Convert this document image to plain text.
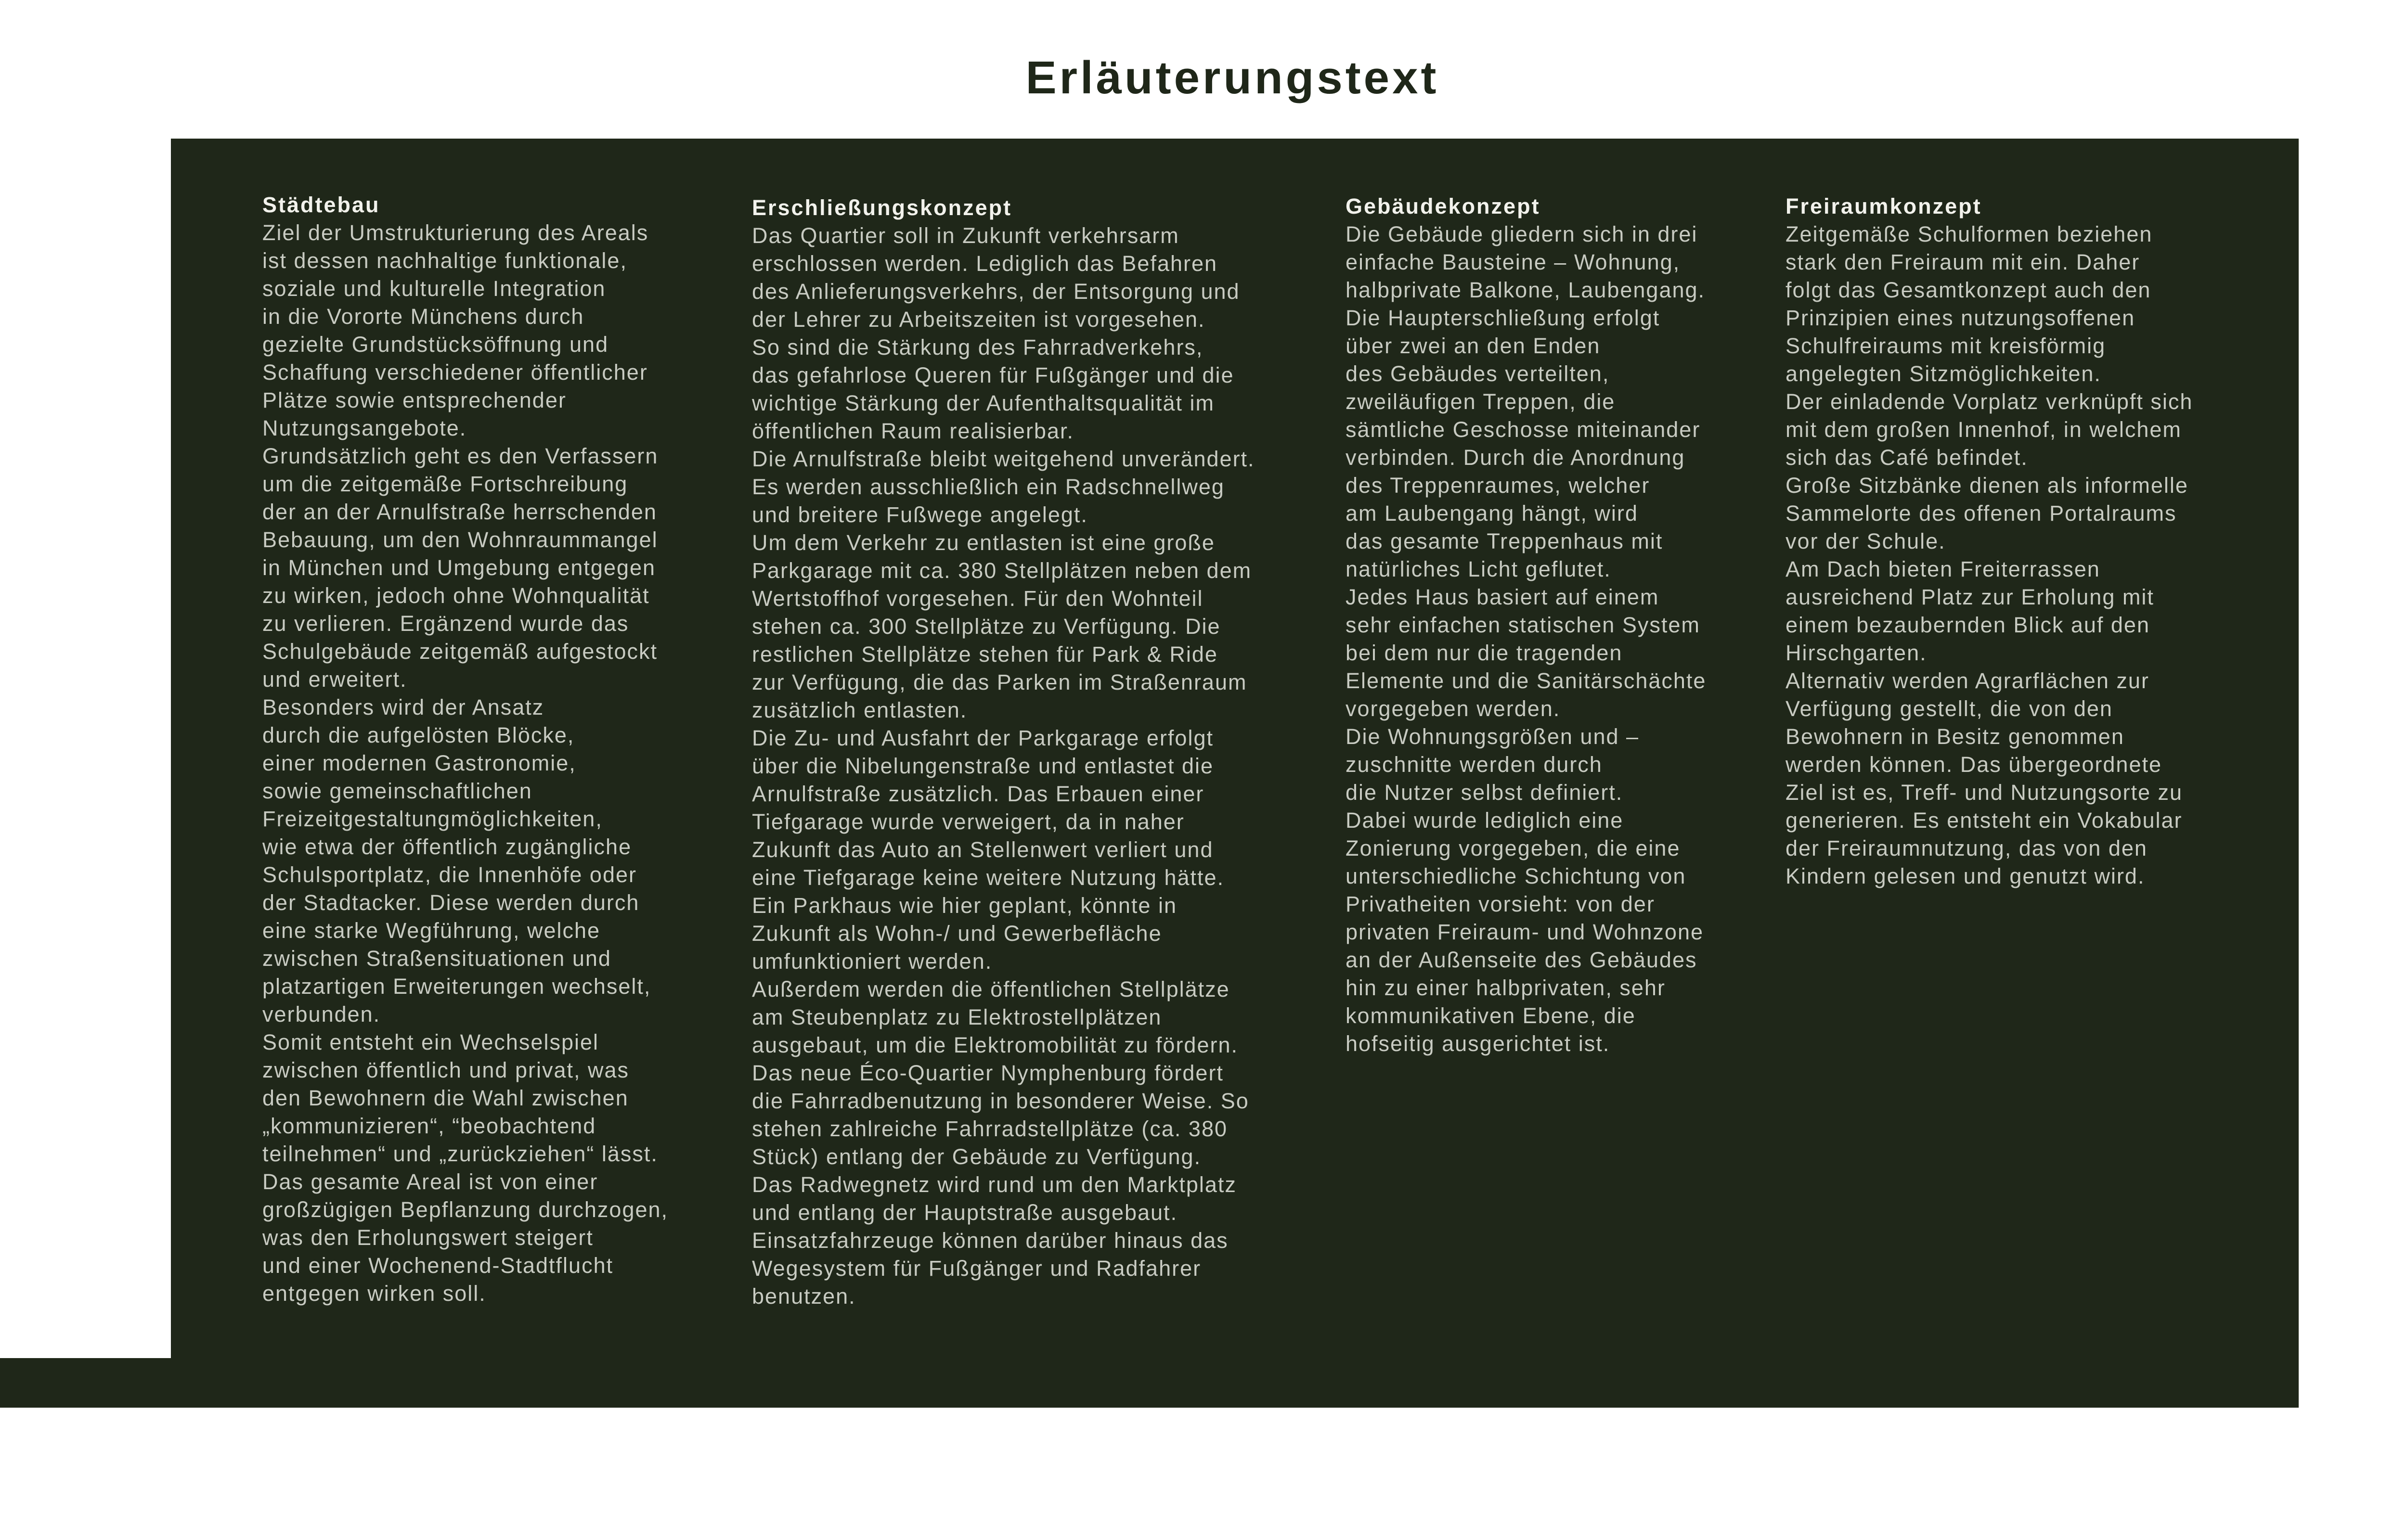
Erläuterungstext
Städtebau

Ziel der Umstrukturierung des Areals
ist dessen nachhaltige funktionale,
soziale und kulturelle Integration
in die Vororte Münchens durch
gezielte Grundstücksöffnung und
Schaffung verschiedener öffentlicher
Plätze sowie entsprechender
Nutzungsangebote.
Grundsätzlich geht es den Verfassern
um die zeitgemäße Fortschreibung
der an der Arnulfstraße herrschenden
Bebauung, um den Wohnraummangel
in München und Umgebung entgegen
zu wirken, jedoch ohne Wohnqualität
zu verlieren. Ergänzend wurde das
Schulgebäude zeitgemäß aufgestockt
und erweitert.
Besonders wird der Ansatz
durch die aufgelösten Blöcke,
einer modernen Gastronomie,
sowie gemeinschaftlichen
Freizeitgestaltungmöglichkeiten,
wie etwa der öffentlich zugängliche
Schulsportplatz, die Innenhöfe oder
der Stadtacker. Diese werden durch
eine starke Wegführung, welche
zwischen Straßensituationen und
platzartigen Erweiterungen wechselt,
verbunden.
Somit entsteht ein Wechselspiel
zwischen öffentlich und privat, was
den Bewohnern die Wahl zwischen
„kommunizieren“, “beobachtend
teilnehmen“ und „zurückziehen“ lässt.
Das gesamte Areal ist von einer
großzügigen Bepflanzung durchzogen,
was den Erholungswert steigert
und einer Wochenend-Stadtflucht
entgegen wirken soll.

Erschließungskonzept

Das Quartier soll in Zukunft verkehrsarm
erschlossen werden. Lediglich das Befahren
des Anlieferungsverkehrs, der Entsorgung und
der Lehrer zu Arbeitszeiten ist vorgesehen.
So sind die Stärkung des Fahrradverkehrs,
das gefahrlose Queren für Fußgänger und die
wichtige Stärkung der Aufenthaltsqualität im
öffentlichen Raum realisierbar.
Die Arnulfstraße bleibt weitgehend unverändert.
Es werden ausschließlich ein Radschnellweg
und breitere Fußwege angelegt.
Um dem Verkehr zu entlasten ist eine große
Parkgarage mit ca. 380 Stellplätzen neben dem
Wertstoffhof vorgesehen. Für den Wohnteil
stehen ca. 300 Stellplätze zu Verfügung. Die
restlichen Stellplätze stehen für Park & Ride
zur Verfügung, die das Parken im Straßenraum
zusätzlich entlasten.
Die Zu- und Ausfahrt der Parkgarage erfolgt
über die Nibelungenstraße und entlastet die
Arnulfstraße zusätzlich. Das Erbauen einer
Tiefgarage wurde verweigert, da in naher
Zukunft das Auto an Stellenwert verliert und
eine Tiefgarage keine weitere Nutzung hätte.
Ein Parkhaus wie hier geplant, könnte in
Zukunft als Wohn-/ und Gewerbefläche
umfunktioniert werden.
Außerdem werden die öffentlichen Stellplätze
am Steubenplatz zu Elektrostellplätzen
ausgebaut, um die Elektromobilität zu fördern.
Das neue Éco-Quartier Nymphenburg fördert
die Fahrradbenutzung in besonderer Weise. So
stehen zahlreiche Fahrradstellplätze (ca. 380
Stück) entlang der Gebäude zu Verfügung.
Das Radwegnetz wird rund um den Marktplatz
und entlang der Hauptstraße ausgebaut.
Einsatzfahrzeuge können darüber hinaus das
Wegesystem für Fußgänger und Radfahrer
benutzen.

Gebäudekonzept

Die Gebäude gliedern sich in drei
einfache Bausteine – Wohnung,
halbprivate Balkone, Laubengang.
Die Haupterschließung erfolgt
über zwei an den Enden
des Gebäudes verteilten,
zweiläufigen Treppen, die
sämtliche Geschosse miteinander
verbinden. Durch die Anordnung
des Treppenraumes, welcher
am Laubengang hängt, wird
das gesamte Treppenhaus mit
natürliches Licht geflutet.
Jedes Haus basiert auf einem
sehr einfachen statischen System
bei dem nur die tragenden
Elemente und die Sanitärschächte
vorgegeben werden.
Die Wohnungsgrößen und –
zuschnitte werden durch
die Nutzer selbst definiert.
Dabei wurde lediglich eine
Zonierung vorgegeben, die eine
unterschiedliche Schichtung von
Privatheiten vorsieht: von der
privaten Freiraum- und Wohnzone
an der Außenseite des Gebäudes
hin zu einer halbprivaten, sehr
kommunikativen Ebene, die
hofseitig ausgerichtet ist.

Freiraumkonzept

Zeitgemäße Schulformen beziehen
stark den Freiraum mit ein. Daher
folgt das Gesamtkonzept auch den
Prinzipien eines nutzungsoffenen
Schulfreiraums mit kreisförmig
angelegten Sitzmöglichkeiten.
Der einladende Vorplatz verknüpft sich
mit dem großen Innenhof, in welchem
sich das Café befindet.
Große Sitzbänke dienen als informelle
Sammelorte des offenen Portalraums
vor der Schule.
Am Dach bieten Freiterrassen
ausreichend Platz zur Erholung mit
einem bezaubernden Blick auf den
Hirschgarten.
Alternativ werden Agrarflächen zur
Verfügung gestellt, die von den
Bewohnern in Besitz genommen
werden können. Das übergeordnete
Ziel ist es, Treff- und Nutzungsorte zu
generieren. Es entsteht ein Vokabular
der Freiraumnutzung, das von den
Kindern gelesen und genutzt wird.
